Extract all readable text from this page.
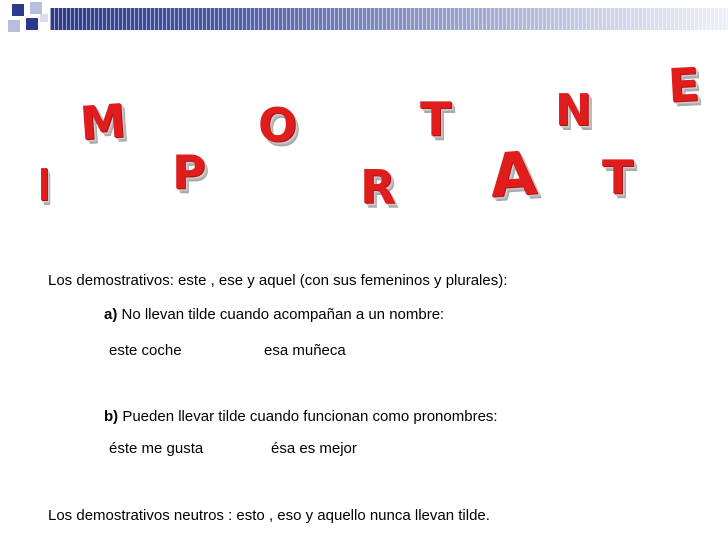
I
M
P
O
R
T
A
N
T
E
Los demostrativos: este , ese y aquel (con sus femeninos y plurales):
a) No llevan tilde cuando acompañan a un nombre:
este coche	esa muñeca
b) Pueden llevar tilde cuando funcionan como pronombres:
éste me gusta	ésa es mejor
Los demostrativos neutros : esto , eso y aquello nunca llevan tilde.
